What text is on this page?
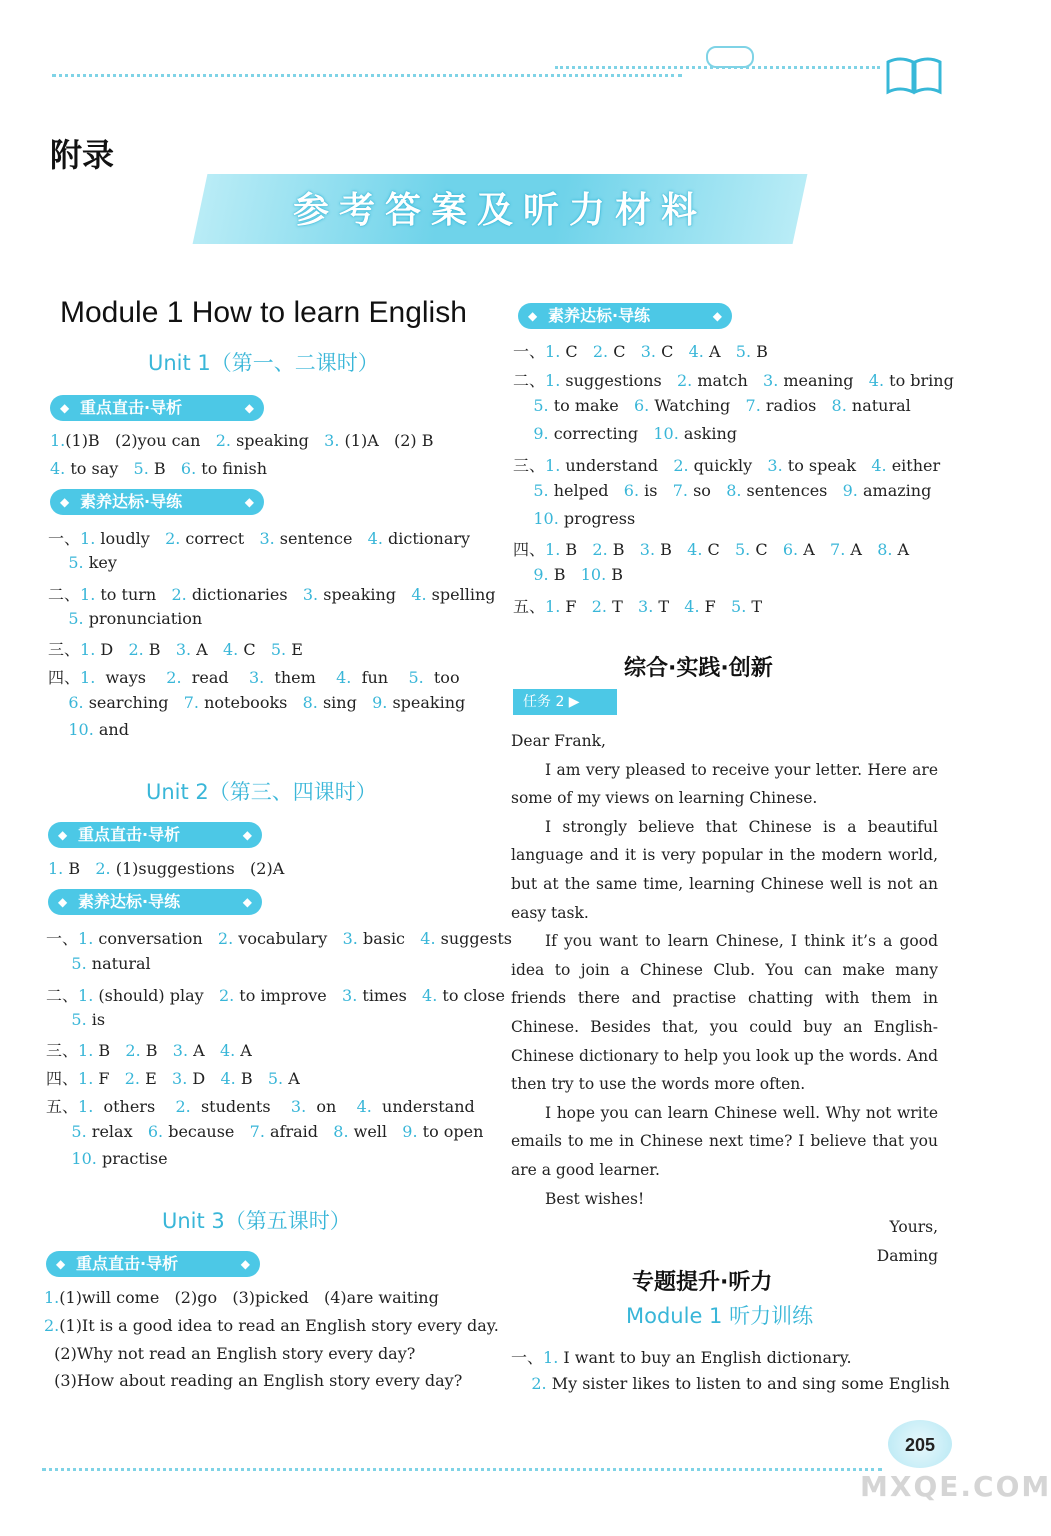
附录
参考答案及听力材料
Module 1 How to learn English
Unit 1（第一、二课时）
◆ 重点直击·导析 ◆
1.(1)B   (2)you can   2. speaking   3. (1)A   (2) B
4. to say   5. B   6. to finish
◆ 素养达标·导练 ◆
一、1. loudly   2. correct   3. sentence   4. dictionary
5. key
二、1. to turn   2. dictionaries   3. speaking   4. spelling
5. pronunciation
三、1. D   2. B   3. A   4. C   5. E
四、1.  ways    2.  read    3.  them    4.  fun    5.  too
6. searching   7. notebooks   8. sing   9. speaking
10. and
Unit 2（第三、四课时）
◆ 重点直击·导析 ◆
1. B   2. (1)suggestions   (2)A
◆ 素养达标·导练 ◆
一、1. conversation   2. vocabulary   3. basic   4. suggests
5. natural
二、1. (should) play   2. to improve   3. times   4. to close
5. is
三、1. B   2. B   3. A   4. A
四、1. F   2. E   3. D   4. B   5. A
五、1.  others    2.  students    3.  on    4.  understand
5. relax   6. because   7. afraid   8. well   9. to open
10. practise
Unit 3（第五课时）
◆ 重点直击·导析 ◆
1.(1)will come   (2)go   (3)picked   (4)are waiting
2.(1)It is a good idea to read an English story every day.
(2)Why not read an English story every day?
(3)How about reading an English story every day?
◆ 素养达标·导练 ◆
一、1. C   2. C   3. C   4. A   5. B
二、1. suggestions   2. match   3. meaning   4. to bring
5. to make   6. Watching   7. radios   8. natural
9. correcting   10. asking
三、1. understand   2. quickly   3. to speak   4. either
5. helped   6. is   7. so   8. sentences   9. amazing
10. progress
四、1. B   2. B   3. B   4. C   5. C   6. A   7. A   8. A
9. B   10. B
五、1. F   2. T   3. T   4. F   5. T
综合·实践·创新
任务 2 ▶

Dear Frank,

I am very pleased to receive your letter. Here are some of my views on learning Chinese.

I strongly believe that Chinese is a beautiful language and it is very popular in the modern world, but at the same time, learning Chinese well is not an easy task.

If you want to learn Chinese, I think it’s a good idea to join a Chinese Club. You can make many friends there and practise chatting with them in Chinese. Besides that, you could buy an English-Chinese dictionary to help you look up the words. And then try to use the words more often.

I hope you can learn Chinese well. Why not write emails to me in Chinese next time? I believe that you are a good learner.

Best wishes!

Yours,

Daming

专题提升·听力
Module 1 听力训练
一、1. I want to buy an English dictionary.
2. My sister likes to listen to and sing some English
205
MXQE.COM
